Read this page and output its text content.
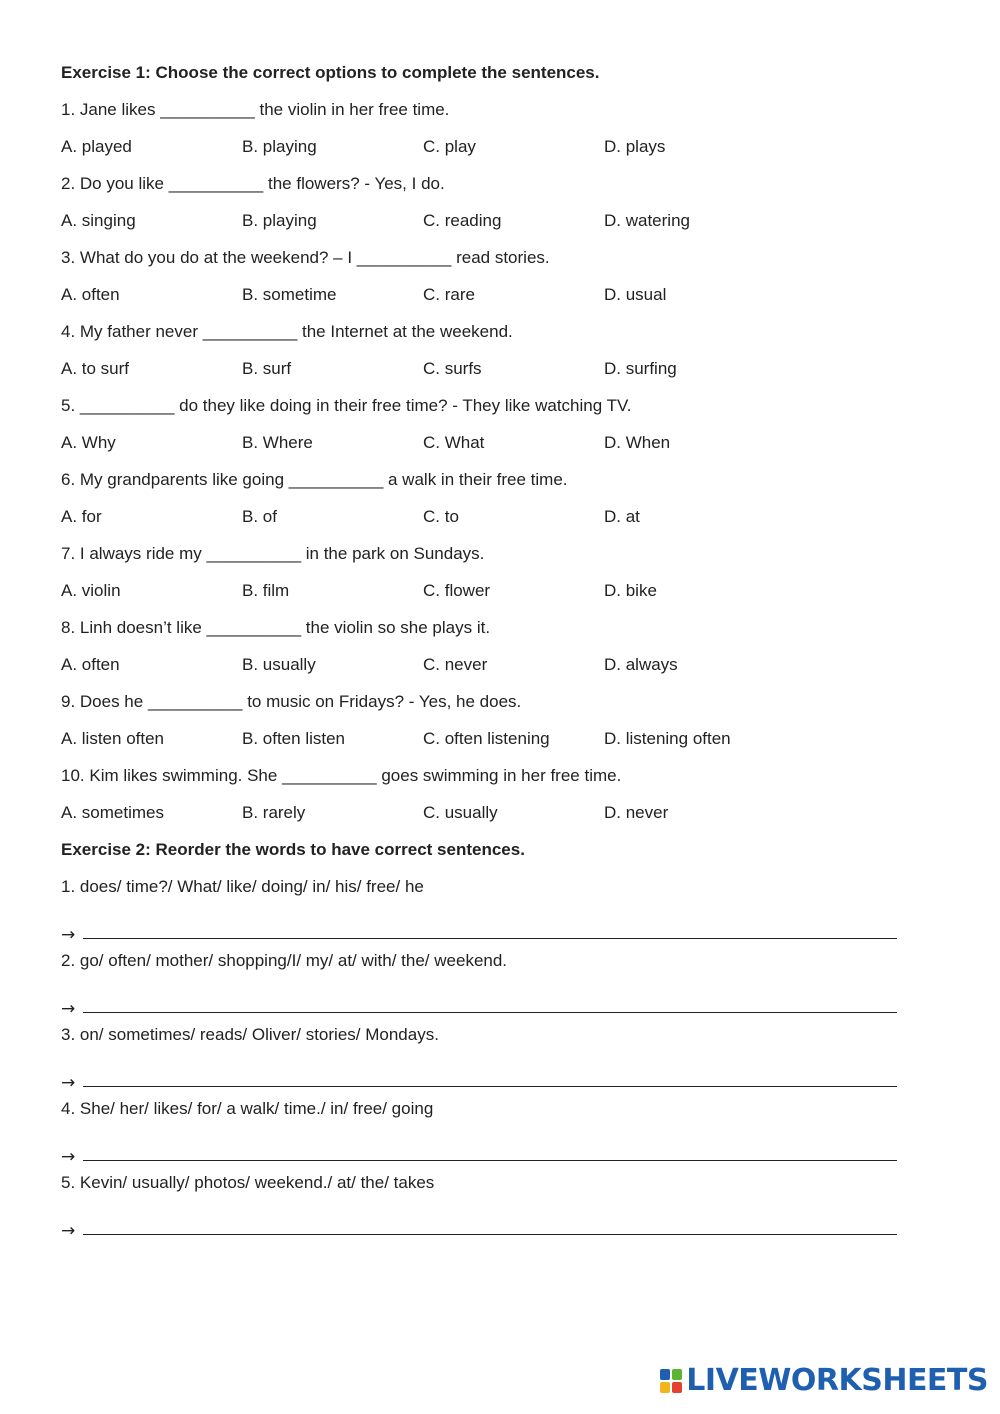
Exercise 1: Choose the correct options to complete the sentences.
1. Jane likes __________ the violin in her free time.
A. played	B. playing	C. play	D. plays
2. Do you like __________ the flowers? - Yes, I do.
A. singing	B. playing	C. reading	D. watering
3. What do you do at the weekend? – I __________ read stories.
A. often	B. sometime	C. rare	D. usual
4. My father never __________ the Internet at the weekend.
A. to surf	B. surf	C. surfs	D. surfing
5. __________ do they like doing in their free time? - They like watching TV.
A. Why	B. Where	C. What	D. When
6. My grandparents like going __________ a walk in their free time.
A. for	B. of	C. to	D. at
7. I always ride my __________ in the park on Sundays.
A. violin	B. film	C. flower	D. bike
8. Linh doesn’t like __________ the violin so she plays it.
A. often	B. usually	C. never	D. always
9. Does he __________ to music on Fridays? - Yes, he does.
A. listen often	B. often listen	C. often listening	D. listening often
10. Kim likes swimming. She __________ goes swimming in her free time.
A. sometimes	B. rarely	C. usually	D. never
Exercise 2: Reorder the words to have correct sentences.
1. does/ time?/ What/ like/ doing/ in/ his/ free/ he
→
2. go/ often/ mother/ shopping/I/ my/ at/ with/ the/ weekend.
→
3. on/ sometimes/ reads/ Oliver/ stories/ Mondays.
→
4. She/ her/ likes/ for/ a walk/ time./ in/ free/ going
→
5. Kevin/ usually/ photos/ weekend./ at/ the/ takes
→
LIVEWORKSHEETS
